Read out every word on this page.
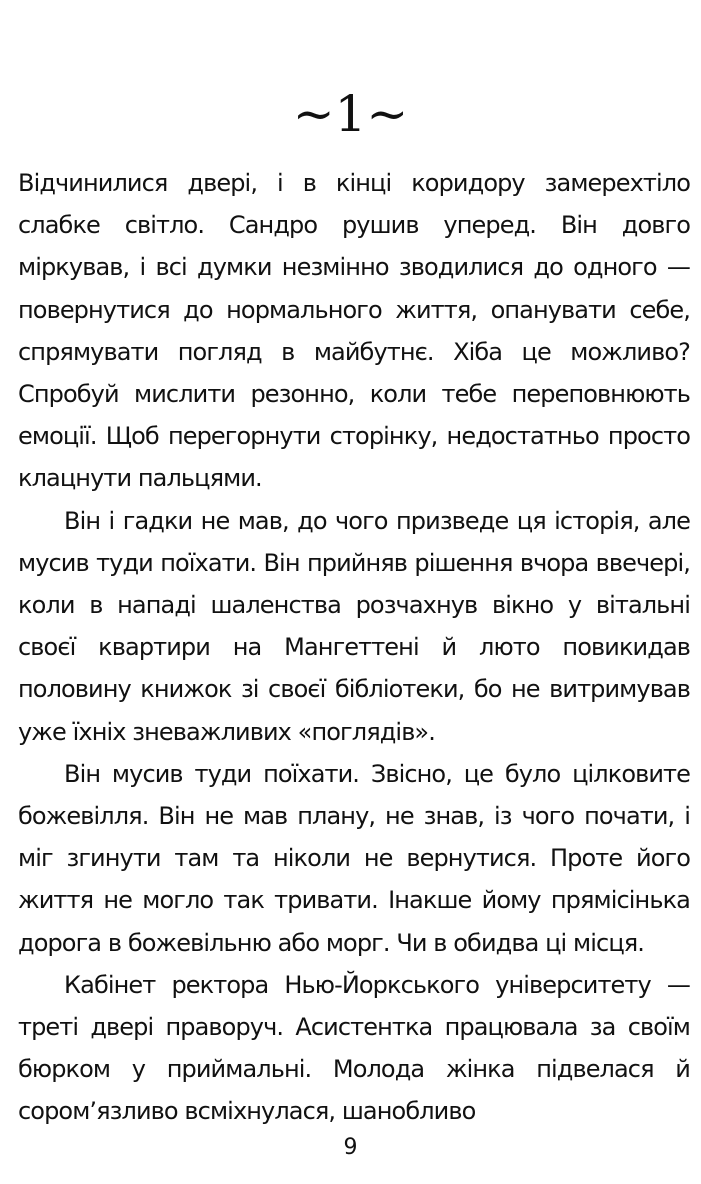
~1~

Відчинилися двері, і в кінці коридору замерехтіло слабке світло. Сандро рушив уперед. Він довго міркував, і всі думки незмінно зводилися до одного — повернутися до нормального життя, опанувати себе, спрямувати погляд в майбутнє. Хіба це можливо? Спробуй мислити резонно, коли тебе переповнюють емоції. Щоб перегорнути сторінку, недостатньо просто клацнути пальцями.

Він і гадки не мав, до чого призведе ця історія, але мусив туди поїхати. Він прийняв рішення вчора ввечері, коли в нападі шаленства розчахнув вікно у вітальні своєї квартири на Мангеттені й люто повикидав половину книжок зі своєї бібліотеки, бо не витримував уже їхніх зневажливих «поглядів».

Він мусив туди поїхати. Звісно, це було цілковите божевілля. Він не мав плану, не знав, із чого почати, і міг згинути там та ніколи не вернутися. Проте його життя не могло так тривати. Інакше йому прямісінька дорога в божевільню або морг. Чи в обидва ці місця.

Кабінет ректора Нью-Йоркського університету — треті двері праворуч. Асистентка працювала за своїм бюрком у приймальні. Молода жінка підвелася й сором’язливо всміхнулася, шанобливо

9
